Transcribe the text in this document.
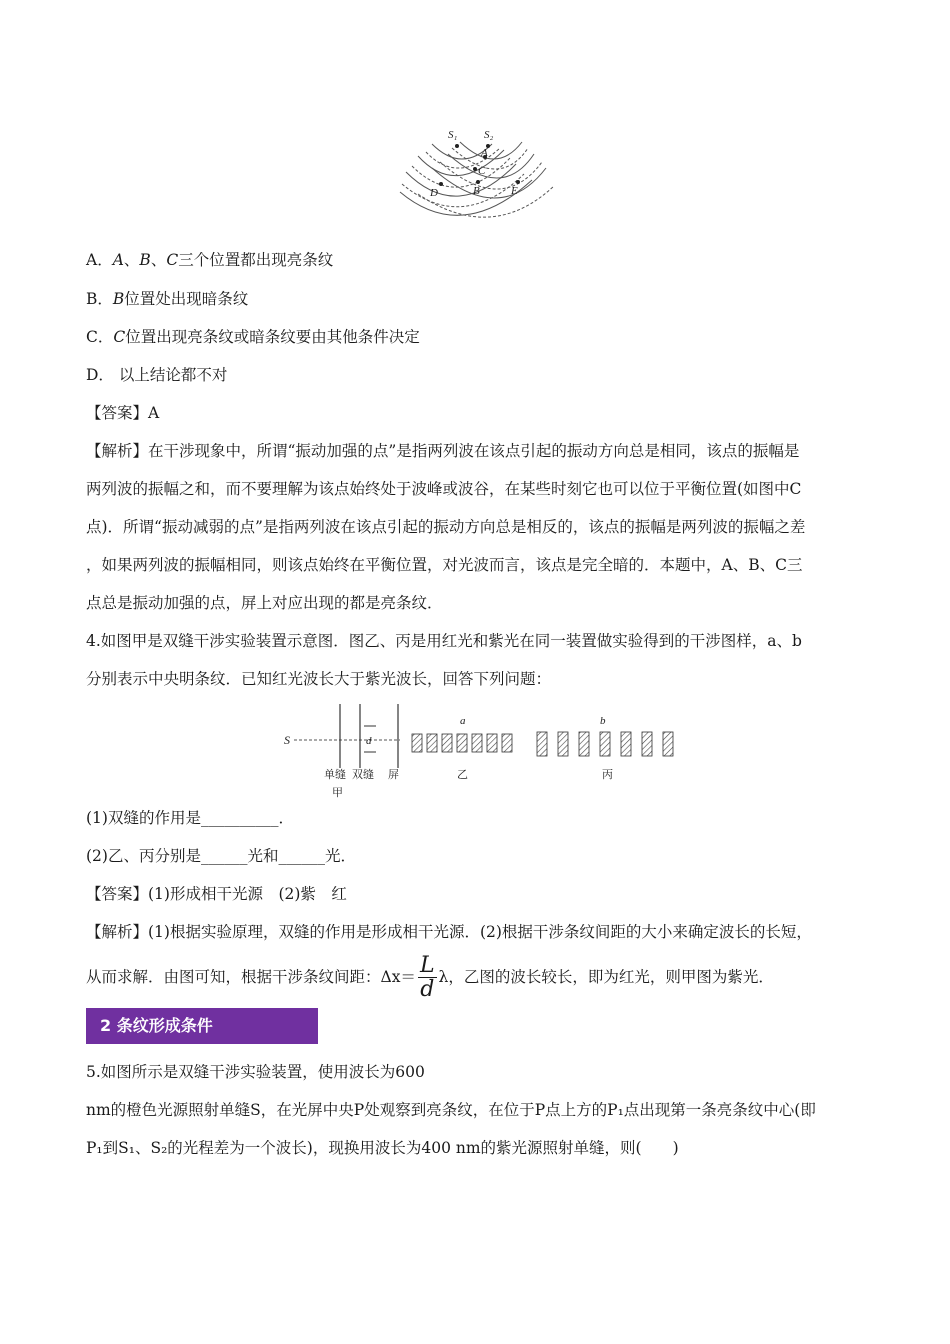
S₁ S₂
A
C
B
D	E
A．A、B、C三个位置都出现亮条纹
B．B位置处出现暗条纹
C．C位置出现亮条纹或暗条纹要由其他条件决定
D． 以上结论都不对
【答案】A
【解析】在干涉现象中，所谓“振动加强的点”是指两列波在该点引起的振动方向总是相同，该点的振幅是
两列波的振幅之和，而不要理解为该点始终处于波峰或波谷，在某些时刻它也可以位于平衡位置(如图中C
点)．所谓“振动减弱的点”是指两列波在该点引起的振动方向总是相反的，该点的振幅是两列波的振幅之差
，如果两列波的振幅相同，则该点始终在平衡位置，对光波而言，该点是完全暗的．本题中，A、B、C三
点总是振动加强的点，屏上对应出现的都是亮条纹．
4.如图甲是双缝干涉实验装置示意图．图乙、丙是用红光和紫光在同一装置做实验得到的干涉图样，a、b
分别表示中央明条纹．已知红光波长大于紫光波长，回答下列问题：
S	d
单缝 双缝 屏
甲
乙	丙
a	b
(1)双缝的作用是__________．
(2)乙、丙分别是______光和______光．
【答案】(1)形成相干光源　(2)紫　红
【解析】(1)根据实验原理，双缝的作用是形成相干光源．(2)根据干涉条纹间距的大小来确定波长的长短，
从而求解．由图可知，根据干涉条纹间距：$\Delta x= \frac{L}{d}$ λ，乙图的波长较长，即为红光，则甲图为紫光．
2 条纹形成条件
5.如图所示是双缝干涉实验装置，使用波长为600
nm的橙色光源照射单缝S，在光屏中央P处观察到亮条纹，在位于P点上方的P₁点出现第一条亮条纹中心(即
P₁到S₁、S₂的光程差为一个波长)，现换用波长为400 nm的紫光源照射单缝，则(　　)
